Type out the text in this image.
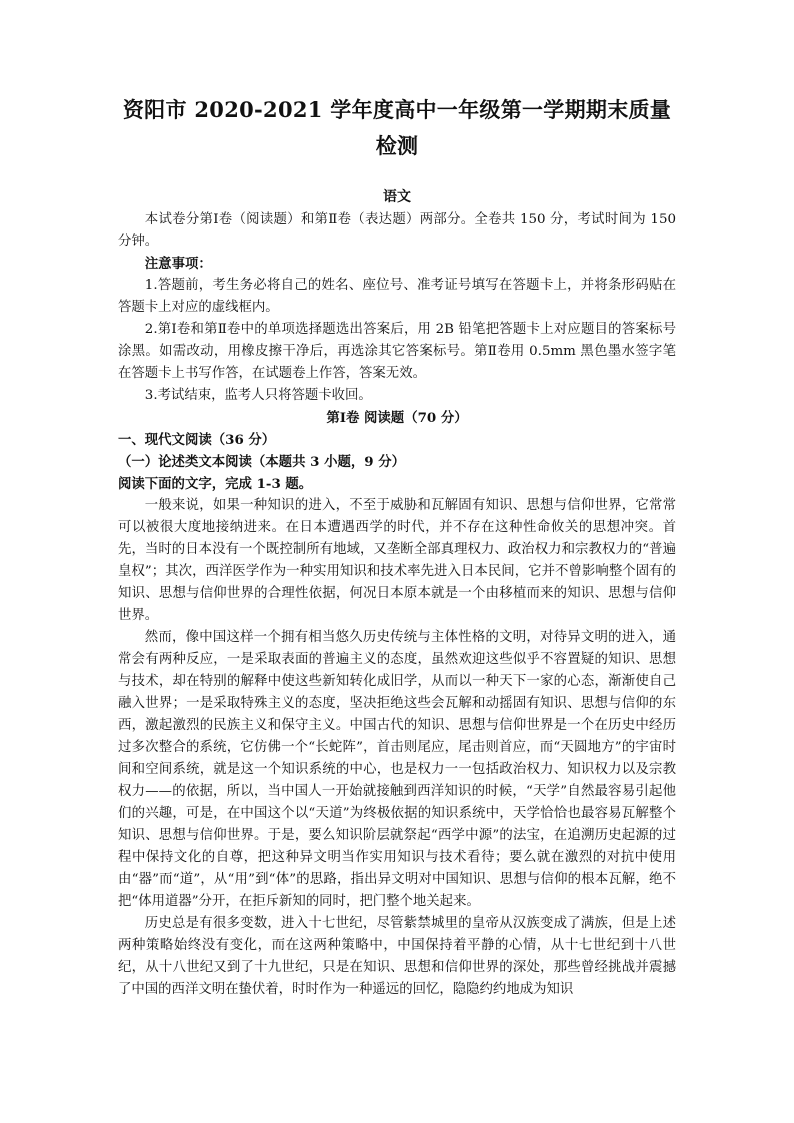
资阳市 2020-2021 学年度高中一年级第一学期期末质量检测
语文

本试卷分第Ⅰ卷（阅读题）和第Ⅱ卷（表达题）两部分。全卷共 150 分，考试时间为 150 分钟。

注意事项：

1.答题前，考生务必将自己的姓名、座位号、准考证号填写在答题卡上，并将条形码贴在答题卡上对应的虚线框内。

2.第Ⅰ卷和第Ⅱ卷中的单项选择题选出答案后，用 2B 铅笔把答题卡上对应题目的答案标号涂黑。如需改动，用橡皮擦干净后，再选涂其它答案标号。第Ⅱ卷用 0.5mm 黑色墨水签字笔在答题卡上书写作答，在试题卷上作答，答案无效。

3.考试结束，监考人只将答题卡收回。

第Ⅰ卷 阅读题（70 分）

一、现代文阅读（36 分）

（一）论述类文本阅读（本题共 3 小题，9 分）

阅读下面的文字，完成 1-3 题。

一般来说，如果一种知识的进入，不至于威胁和瓦解固有知识、思想与信仰世界，它常常可以被很大度地接纳进来。在日本遭遇西学的时代，并不存在这种性命攸关的思想冲突。首先，当时的日本没有一个既控制所有地域，又垄断全部真理权力、政治权力和宗教权力的“普遍皇权”；其次，西洋医学作为一种实用知识和技术率先进入日本民间，它并不曾影响整个固有的知识、思想与信仰世界的合理性依据，何况日本原本就是一个由移植而来的知识、思想与信仰世界。

然而，像中国这样一个拥有相当悠久历史传统与主体性格的文明，对待异文明的进入，通常会有两种反应，一是采取表面的普遍主义的态度，虽然欢迎这些似乎不容置疑的知识、思想与技术，却在特别的解释中使这些新知转化成旧学，从而以一种天下一家的心态，渐渐使自己融入世界；一是采取特殊主义的态度，坚决拒绝这些会瓦解和动摇固有知识、思想与信仰的东西，激起激烈的民族主义和保守主义。中国古代的知识、思想与信仰世界是一个在历史中经历过多次整合的系统，它仿佛一个“长蛇阵”，首击则尾应，尾击则首应，而“天圆地方”的宇宙时间和空间系统，就是这一个知识系统的中心，也是权力一一包括政治权力、知识权力以及宗教权力——的依据，所以，当中国人一开始就接触到西洋知识的时候，“天学”自然最容易引起他们的兴趣，可是，在中国这个以“天道”为终极依据的知识系统中，天学恰恰也最容易瓦解整个知识、思想与信仰世界。于是，要么知识阶层就祭起“西学中源”的法宝，在追溯历史起源的过程中保持文化的自尊，把这种异文明当作实用知识与技术看待；要么就在激烈的对抗中使用由“器”而“道”，从“用”到“体”的思路，指出异文明对中国知识、思想与信仰的根本瓦解，绝不把“体用道器”分开，在拒斥新知的同时，把门整个地关起来。

历史总是有很多变数，进入十七世纪，尽管紫禁城里的皇帝从汉族变成了满族，但是上述两种策略始终没有变化，而在这两种策略中，中国保持着平静的心情，从十七世纪到十八世纪，从十八世纪又到了十九世纪，只是在知识、思想和信仰世界的深处，那些曾经挑战并震撼了中国的西洋文明在蛰伏着，时时作为一种遥远的回忆，隐隐约约地成为知识
